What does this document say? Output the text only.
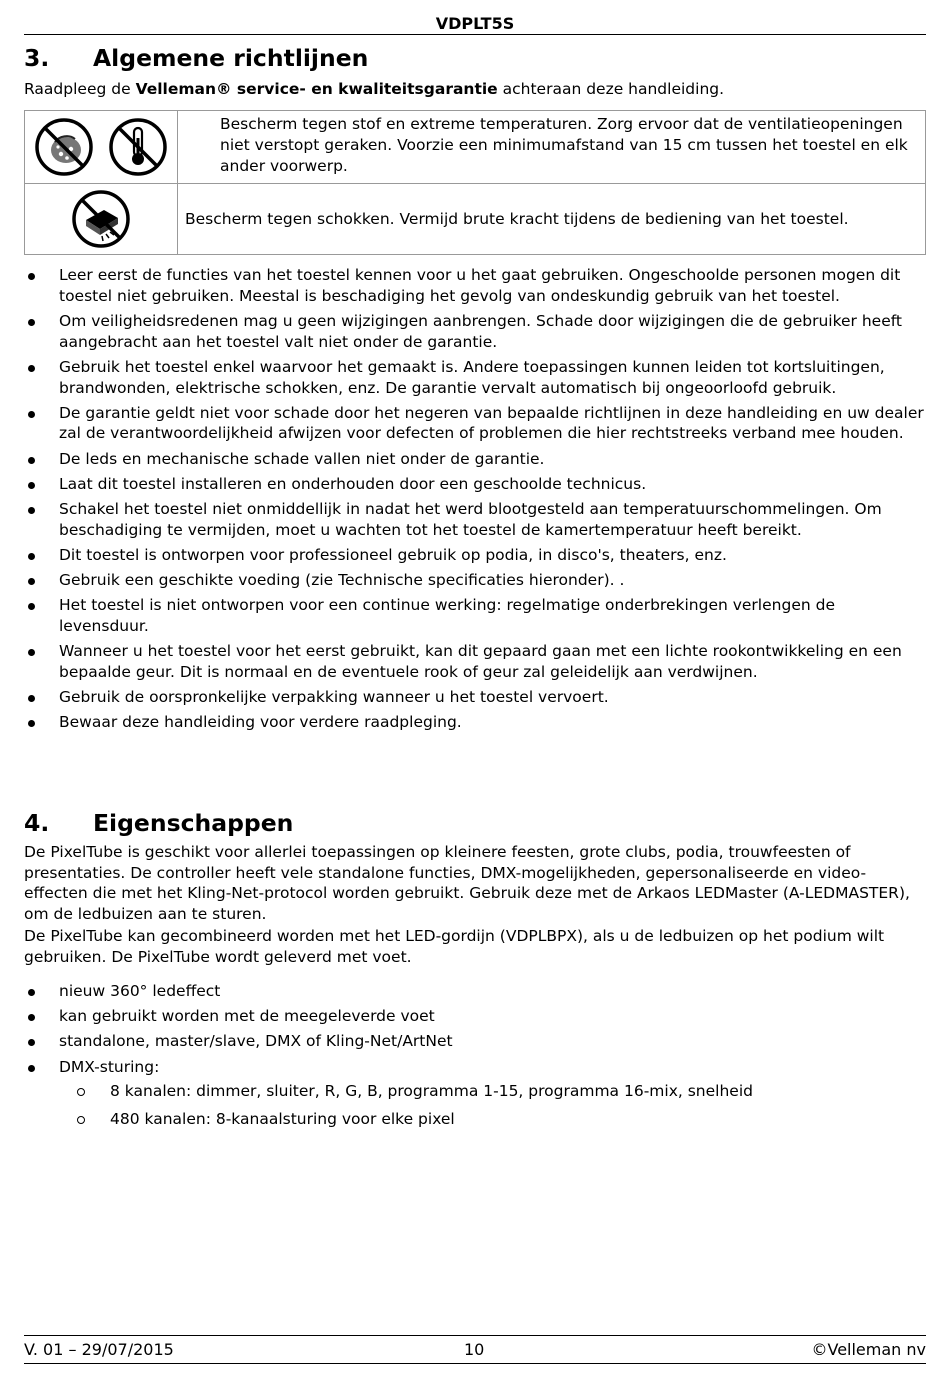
VDPLT5S
3. Algemene richtlijnen

Raadpleeg de Velleman® service- en kwaliteitsgarantie achteraan deze handleiding.

	Bescherm tegen stof en extreme temperaturen. Zorg ervoor dat de ventilatieopeningen niet verstopt geraken. Voorzie een minimumafstand van 15 cm tussen het toestel en elk ander voorwerp.
	Bescherm tegen schokken. Vermijd brute kracht tijdens de bediening van het toestel.
Leer eerst de functies van het toestel kennen voor u het gaat gebruiken. Ongeschoolde personen mogen dit toestel niet gebruiken. Meestal is beschadiging het gevolg van ondeskundig gebruik van het toestel.
Om veiligheidsredenen mag u geen wijzigingen aanbrengen. Schade door wijzigingen die de gebruiker heeft aangebracht aan het toestel valt niet onder de garantie.
Gebruik het toestel enkel waarvoor het gemaakt is. Andere toepassingen kunnen leiden tot kortsluitingen, brandwonden, elektrische schokken, enz. De garantie vervalt automatisch bij ongeoorloofd gebruik.
De garantie geldt niet voor schade door het negeren van bepaalde richtlijnen in deze handleiding en uw dealer zal de verantwoordelijkheid afwijzen voor defecten of problemen die hier rechtstreeks verband mee houden.
De leds en mechanische schade vallen niet onder de garantie.
Laat dit toestel installeren en onderhouden door een geschoolde technicus.
Schakel het toestel niet onmiddellijk in nadat het werd blootgesteld aan temperatuurschommelingen. Om beschadiging te vermijden, moet u wachten tot het toestel de kamertemperatuur heeft bereikt.
Dit toestel is ontworpen voor professioneel gebruik op podia, in disco's, theaters, enz.
Gebruik een geschikte voeding (zie Technische specificaties hieronder). .
Het toestel is niet ontworpen voor een continue werking: regelmatige onderbrekingen verlengen de levensduur.
Wanneer u het toestel voor het eerst gebruikt, kan dit gepaard gaan met een lichte rookontwikkeling en een bepaalde geur. Dit is normaal en de eventuele rook of geur zal geleidelijk aan verdwijnen.
Gebruik de oorspronkelijke verpakking wanneer u het toestel vervoert.
Bewaar deze handleiding voor verdere raadpleging.
4. Eigenschappen

De PixelTube is geschikt voor allerlei toepassingen op kleinere feesten, grote clubs, podia, trouwfeesten of presentaties. De controller heeft vele standalone functies, DMX-mogelijkheden, gepersonaliseerde en video-effecten die met het Kling-Net-protocol worden gebruikt. Gebruik deze met de Arkaos LEDMaster (A-LEDMASTER), om de ledbuizen aan te sturen.

De PixelTube kan gecombineerd worden met het LED-gordijn (VDPLBPX), als u de ledbuizen op het podium wilt gebruiken. De PixelTube wordt geleverd met voet.

nieuw 360° ledeffect
kan gebruikt worden met de meegeleverde voet
standalone, master/slave, DMX of Kling-Net/ArtNet
DMX-sturing:
8 kanalen: dimmer, sluiter, R, G, B, programma 1-15, programma 16-mix, snelheid
480 kanalen: 8-kanaalsturing voor elke pixel
V. 01 – 29/07/2015	10	©Velleman nv
